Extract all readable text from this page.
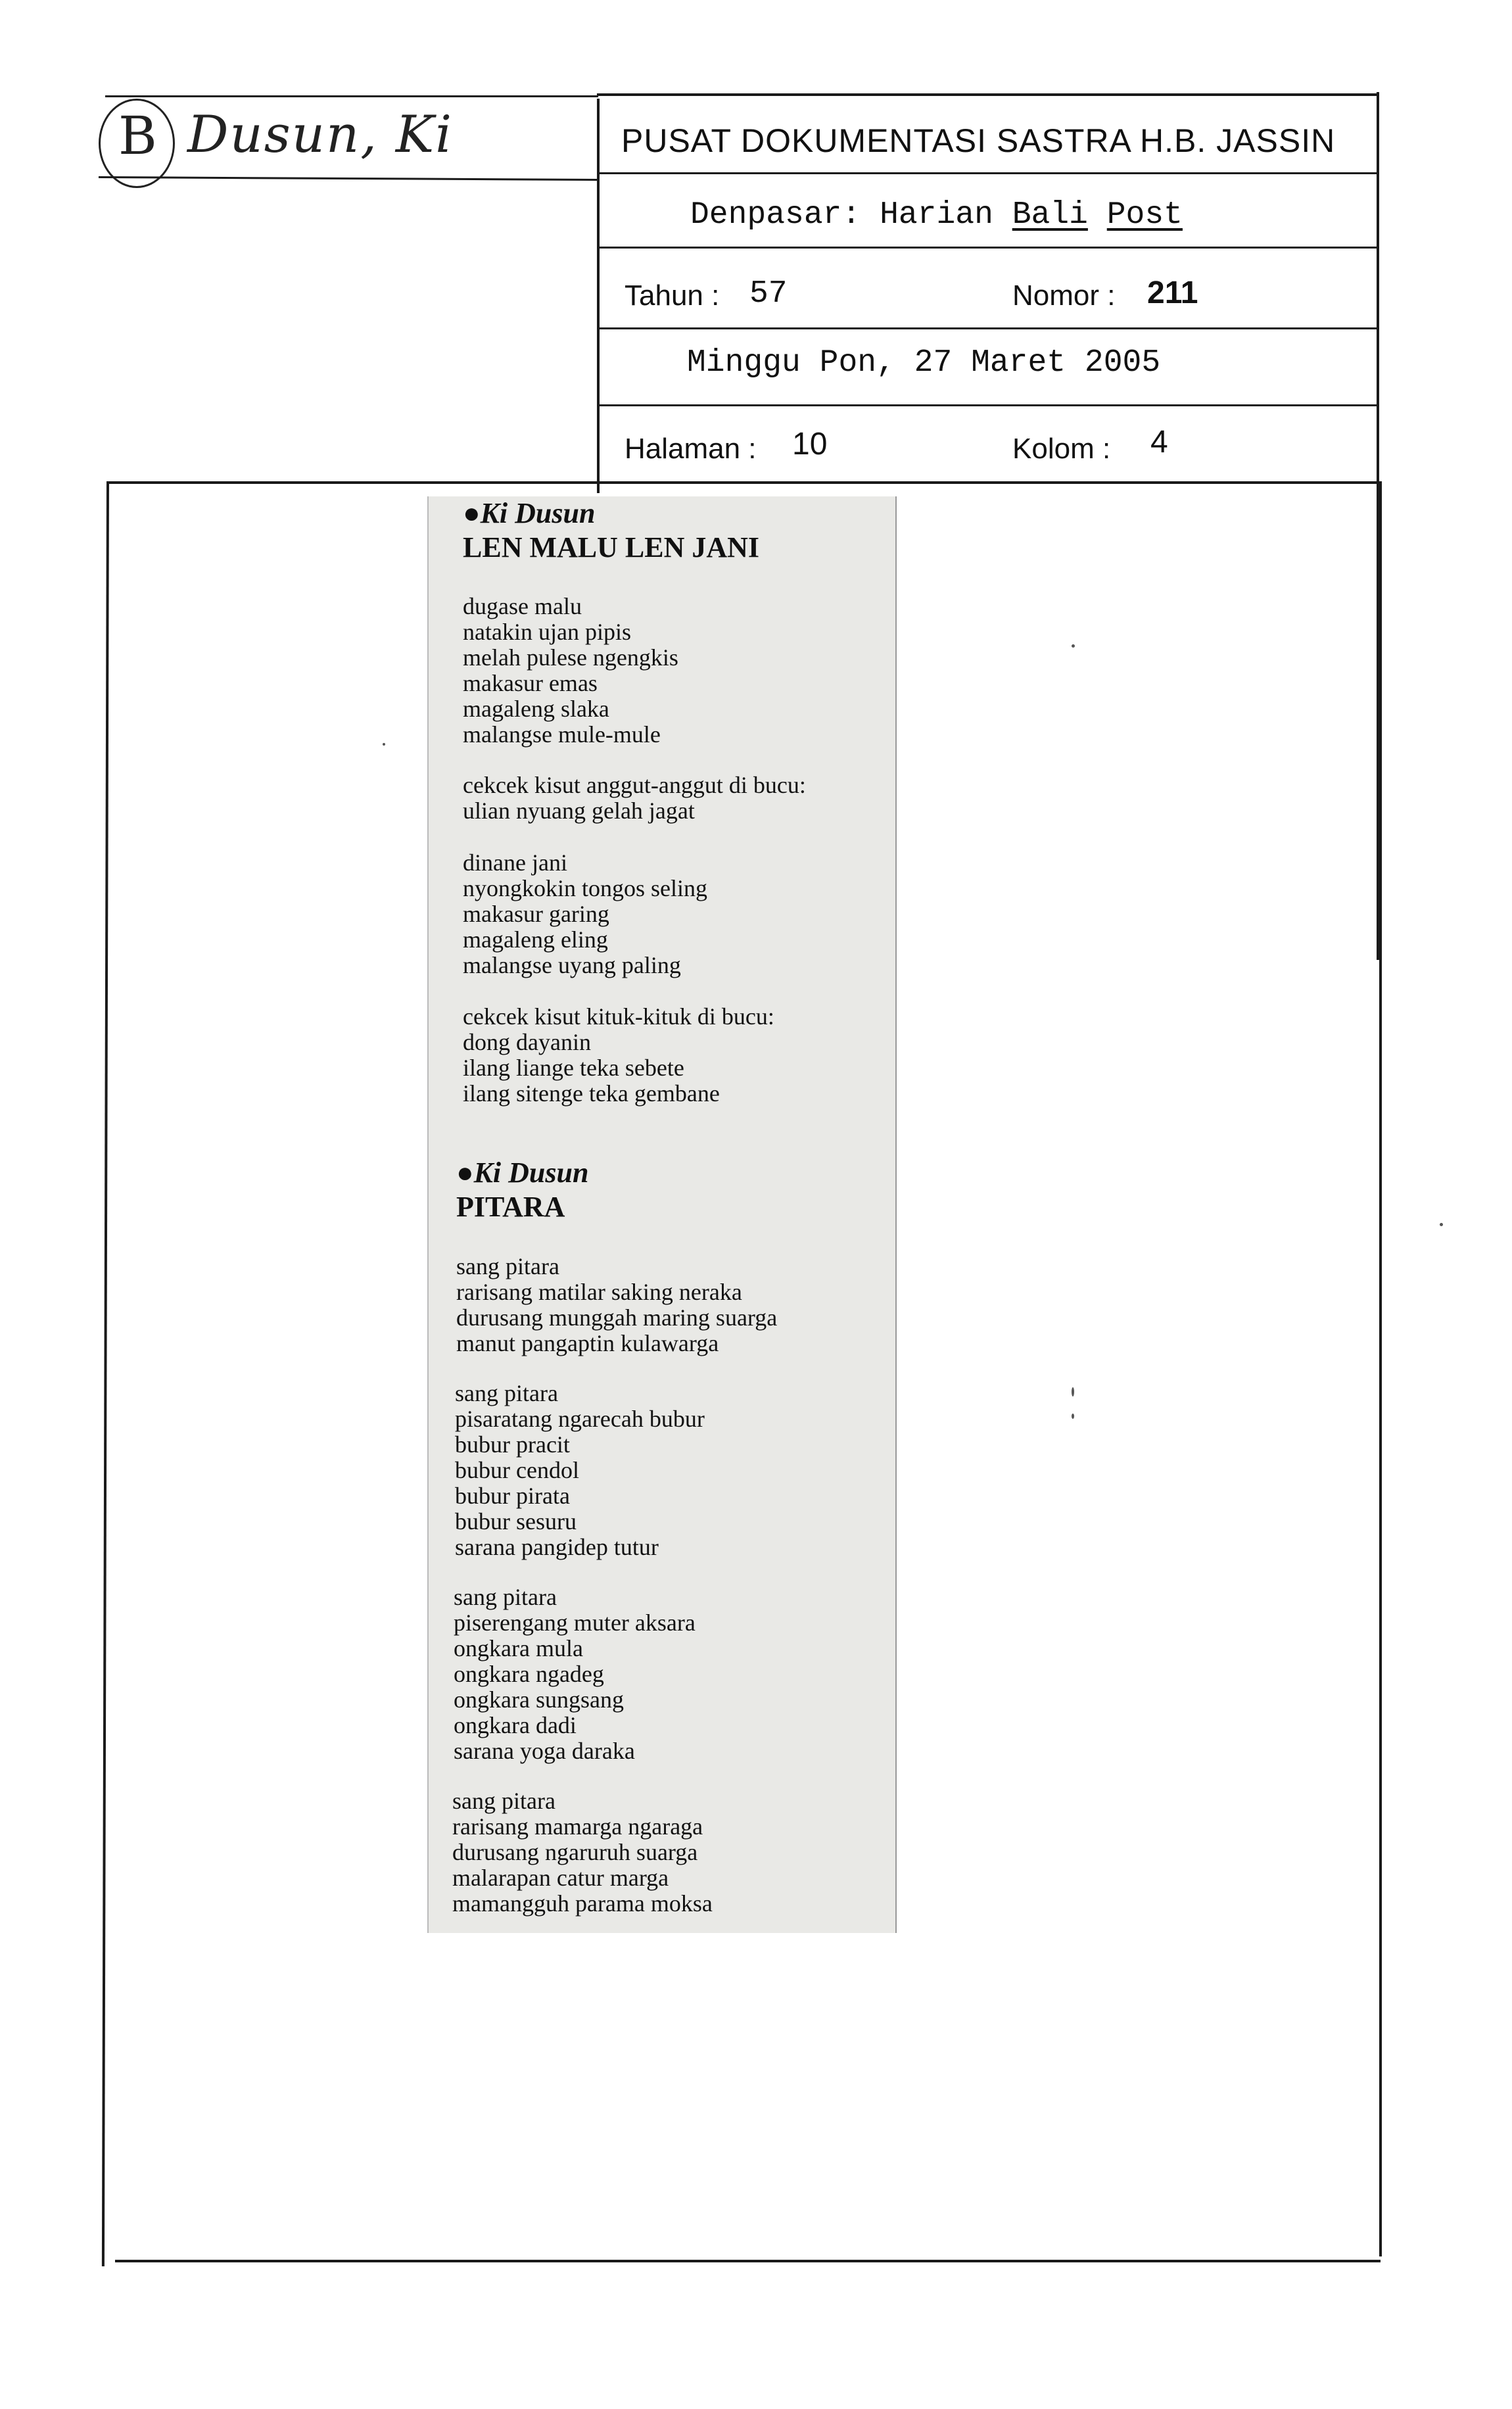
B Dusun, Ki	PUSAT DOKUMENTASI SASTRA H.B. JASSIN
Denpasar: Harian Bali Post
Tahun : 57	Nomor : 211
Minggu Pon, 27 Maret 2005
Halaman : 10	Kolom : 4
●Ki Dusun
LEN MALU LEN JANI
dugase malu
natakin ujan pipis
melah pulese ngengkis
makasur emas
magaleng slaka
malangse mule-mule
cekcek kisut anggut-anggut di bucu:
ulian nyuang gelah jagat
dinane jani
nyongkokin tongos seling
makasur garing
magaleng eling
malangse uyang paling
cekcek kisut kituk-kituk di bucu:
dong dayanin
ilang liange teka sebete
ilang sitenge teka gembane
●Ki Dusun
PITARA
sang pitara
rarisang matilar saking neraka
durusang munggah maring suarga
manut pangaptin kulawarga
sang pitara
pisaratang ngarecah bubur
bubur pracit
bubur cendol
bubur pirata
bubur sesuru
sarana pangidep tutur
sang pitara
piserengang muter aksara
ongkara mula
ongkara ngadeg
ongkara sungsang
ongkara dadi
sarana yoga daraka
sang pitara
rarisang mamarga ngaraga
durusang ngaruruh suarga
malarapan catur marga
mamangguh parama moksa
